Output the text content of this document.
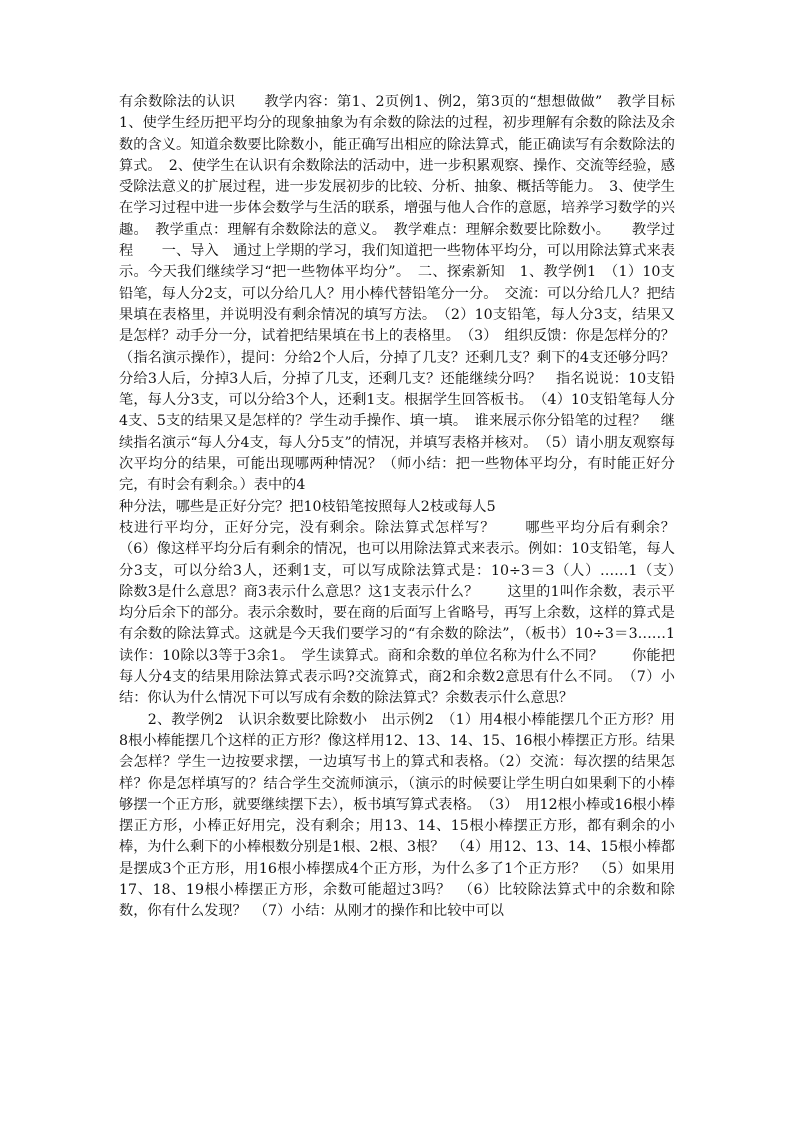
有余数除法的认识　　教学内容：第1、2页例1、例2，第3页的“想想做做”　教学目标　　1、使学生经历把平均分的现象抽象为有余数的除法的过程，初步理解有余数的除法及余数的含义。知道余数要比除数小，能正确写出相应的除法算式，能正确读写有余数除法的算式。　2、使学生在认识有余数除法的活动中，进一步积累观察、操作、交流等经验，感受除法意义的扩展过程，进一步发展初步的比较、分析、抽象、概括等能力。　3、使学生在学习过程中进一步体会数学与生活的联系，增强与他人合作的意愿，培养学习数学的兴趣。　教学重点：理解有余数除法的意义。　教学难点：理解余数要比除数小。　　教学过程　　一、导入　通过上学期的学习，我们知道把一些物体平均分，可以用除法算式来表示。今天我们继续学习“把一些物体平均分”。　二、探索新知　1、教学例1　（1）10支铅笔，每人分2支，可以分给几人？用小棒代替铅笔分一分。　交流：可以分给几人？把结果填在表格里，并说明没有剩余情况的填写方法。　（2）10支铅笔，每人分3支，结果又是怎样？动手分一分，试着把结果填在书上的表格里。　（3）　组织反馈：你是怎样分的？（指名演示操作），提问：分给2个人后，分掉了几支？还剩几支？剩下的4支还够分吗？分给3人后，分掉3人后，分掉了几支，还剩几支？还能继续分吗？　指名说说：10支铅笔，每人分3支，可以分给3个人，还剩1支。根据学生回答板书。　（4）10支铅笔每人分4支、5支的结果又是怎样的？学生动手操作、填一填。　谁来展示你分铅笔的过程？　继续指名演示“每人分4支，每人分5支”的情况，并填写表格并核对。　（5）请小朋友观察每次平均分的结果，可能出现哪两种情况？（师小结：把一些物体平均分，有时能正好分完，有时会有剩余。）表中的4

种分法，哪些是正好分完？把10枝铅笔按照每人2枝或每人5

枝进行平均分，正好分完，没有剩余。除法算式怎样写？　　哪些平均分后有剩余？　（6）像这样平均分后有剩余的情况，也可以用除法算式来表示。例如：10支铅笔，每人分3支，可以分给3人，还剩1支，可以写成除法算式是：10÷3＝3（人）……1（支）　除数3是什么意思？商3表示什么意思？这1支表示什么？　　这里的1叫作余数，表示平均分后余下的部分。表示余数时，要在商的后面写上省略号，再写上余数，这样的算式是有余数的除法算式。这就是今天我们要学习的“有余数的除法”，（板书）10÷3＝3……1读作：10除以3等于3余1。　学生读算式。商和余数的单位名称为什么不同？　　你能把每人分4支的结果用除法算式表示吗?交流算式，商2和余数2意思有什么不同。　（7）小结：你认为什么情况下可以写成有余数的除法算式？余数表示什么意思？

　　2、教学例2　认识余数要比除数小　出示例2　（1）用4根小棒能摆几个正方形？用8根小棒能摆几个这样的正方形？像这样用12、13、14、15、16根小棒摆正方形。结果会怎样？学生一边按要求摆，一边填写书上的算式和表格。（2）交流：每次摆的结果怎样？你是怎样填写的？结合学生交流师演示，（演示的时候要让学生明白如果剩下的小棒够摆一个正方形，就要继续摆下去），板书填写算式表格。　（3）　用12根小棒或16根小棒摆正方形，小棒正好用完，没有剩余；用13、14、15根小棒摆正方形，都有剩余的小棒，为什么剩下的小棒根数分别是1根、2根、3根？　（4）用12、13、14、15根小棒都是摆成3个正方形，用16根小棒摆成4个正方形，为什么多了1个正方形？　（5）如果用17、18、19根小棒摆正方形，余数可能超过3吗？　（6）比较除法算式中的余数和除数，你有什么发现？　（7）小结：从刚才的操作和比较中可以
